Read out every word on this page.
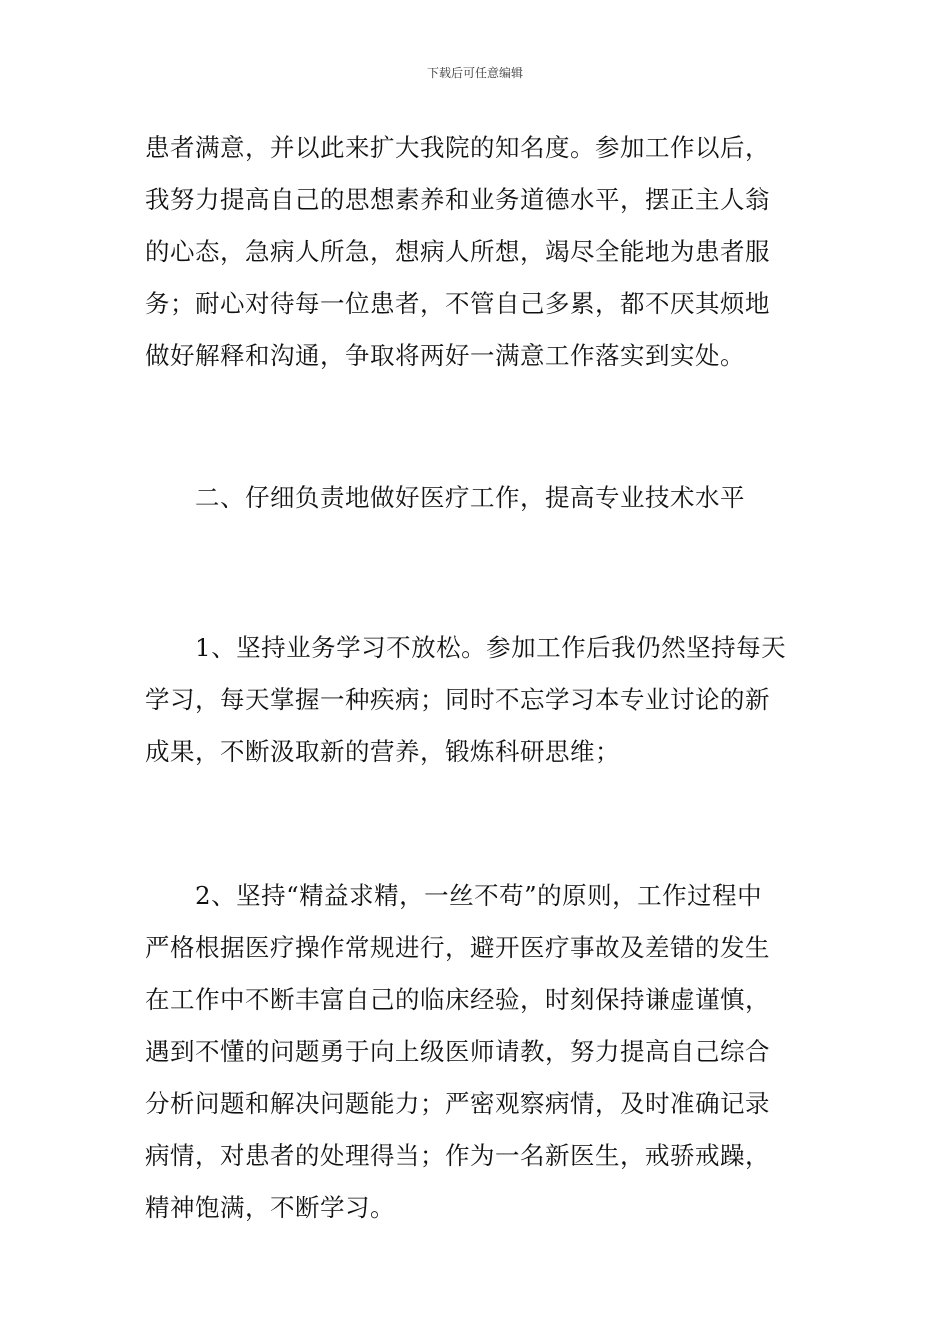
下载后可任意编辑
患者满意，并以此来扩大我院的知名度。参加工作以后，
我努力提高自己的思想素养和业务道德水平，摆正主人翁
的心态，急病人所急，想病人所想，竭尽全能地为患者服
务；耐心对待每一位患者，不管自己多累，都不厌其烦地
做好解释和沟通，争取将两好一满意工作落实到实处。
二、仔细负责地做好医疗工作，提高专业技术水平
1、坚持业务学习不放松。参加工作后我仍然坚持每天
学习，每天掌握一种疾病；同时不忘学习本专业讨论的新
成果，不断汲取新的营养，锻炼科研思维；
2、坚持“精益求精，一丝不苟”的原则，工作过程中
严格根据医疗操作常规进行，避开医疗事故及差错的发生
在工作中不断丰富自己的临床经验，时刻保持谦虚谨慎，
遇到不懂的问题勇于向上级医师请教，努力提高自己综合
分析问题和解决问题能力；严密观察病情，及时准确记录
病情，对患者的处理得当；作为一名新医生，戒骄戒躁，
精神饱满，不断学习。
